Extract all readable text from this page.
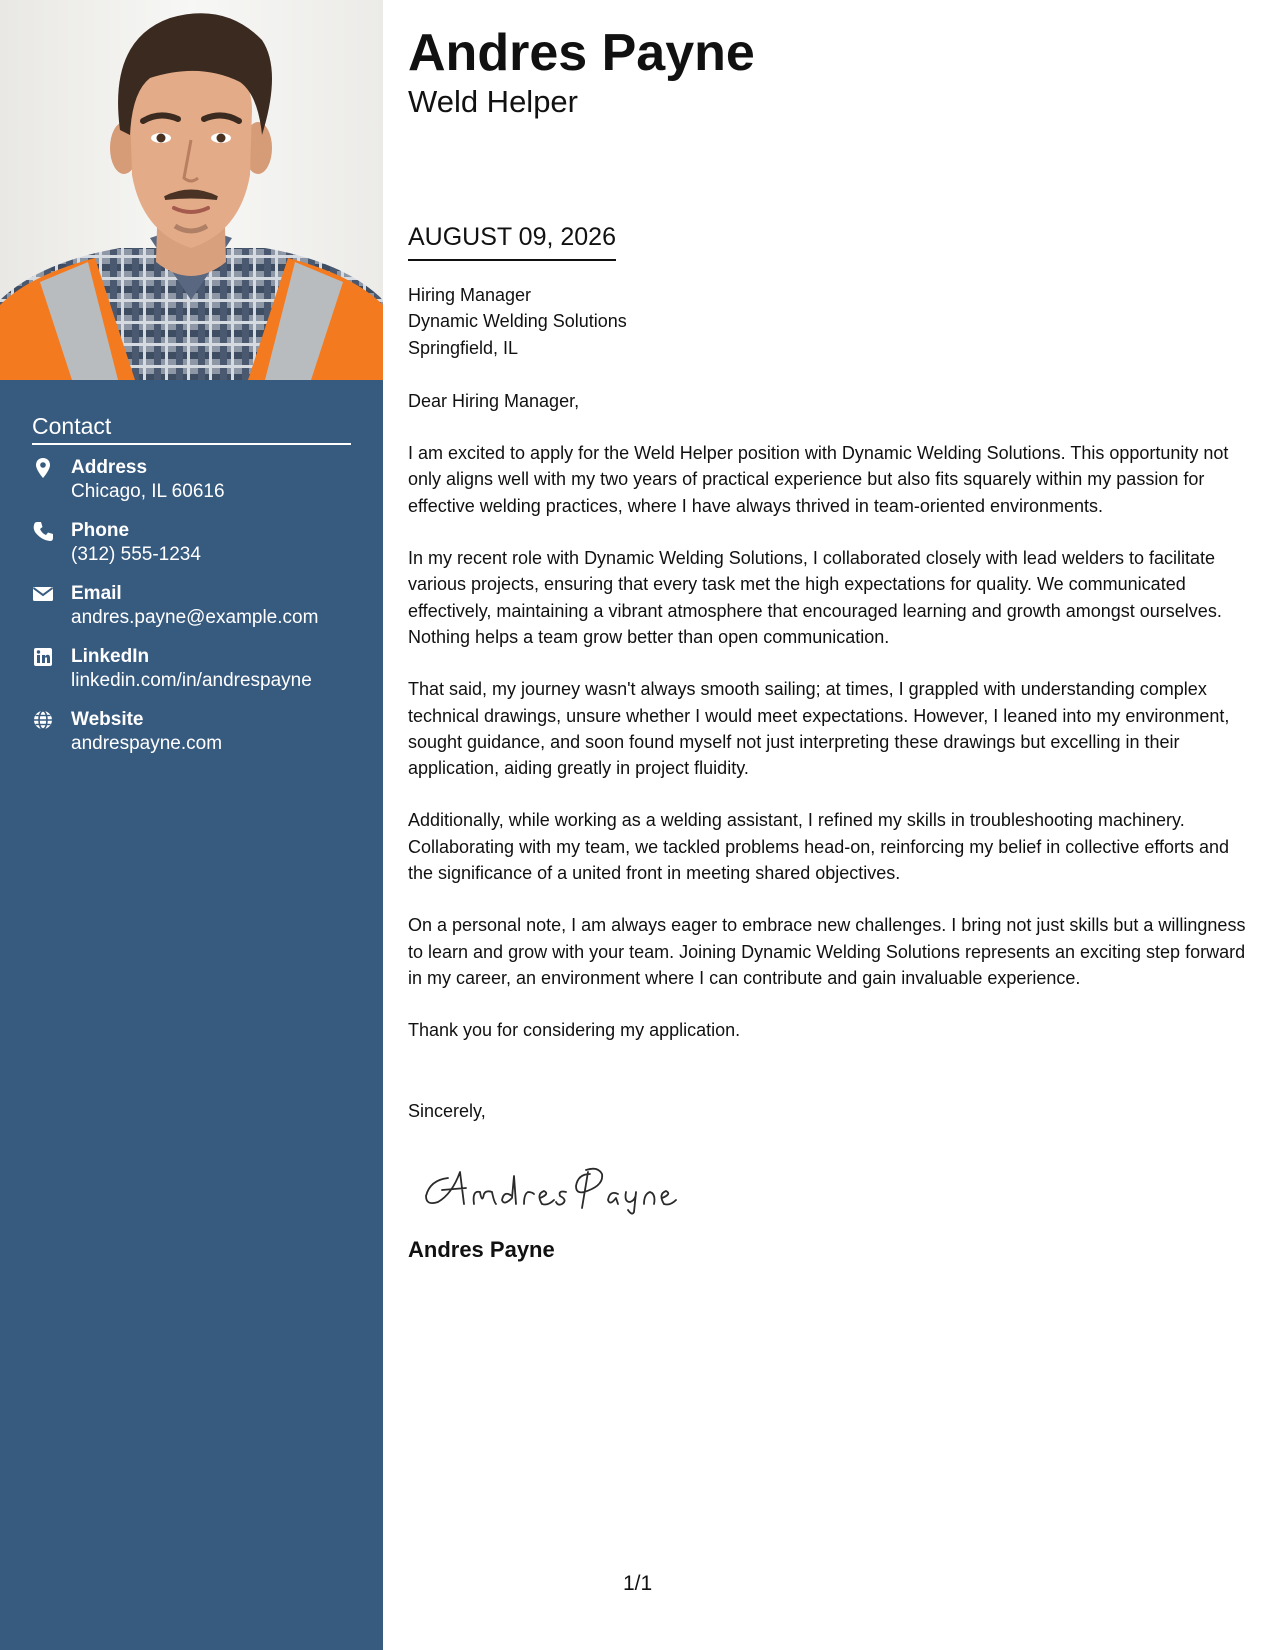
Contact
Address
Chicago, IL 60616
Phone
(312) 555-1234
Email
andres.payne@example.com
LinkedIn
linkedin.com/in/andrespayne
Website
andrespayne.com
Andres Payne
Weld Helper
AUGUST 09, 2026
Hiring Manager
Dynamic Welding Solutions
Springfield, IL
Dear Hiring Manager,
I am excited to apply for the Weld Helper position with Dynamic Welding Solutions. This opportunity not only aligns well with my two years of practical experience but also fits squarely within my passion for effective welding practices, where I have always thrived in team-oriented environments.
In my recent role with Dynamic Welding Solutions, I collaborated closely with lead welders to facilitate various projects, ensuring that every task met the high expectations for quality. We communicated effectively, maintaining a vibrant atmosphere that encouraged learning and growth amongst ourselves. Nothing helps a team grow better than open communication.
That said, my journey wasn't always smooth sailing; at times, I grappled with understanding complex technical drawings, unsure whether I would meet expectations. However, I leaned into my environment, sought guidance, and soon found myself not just interpreting these drawings but excelling in their application, aiding greatly in project fluidity.
Additionally, while working as a welding assistant, I refined my skills in troubleshooting machinery. Collaborating with my team, we tackled problems head-on, reinforcing my belief in collective efforts and the significance of a united front in meeting shared objectives.
On a personal note, I am always eager to embrace new challenges. I bring not just skills but a willingness to learn and grow with your team. Joining Dynamic Welding Solutions represents an exciting step forward in my career, an environment where I can contribute and gain invaluable experience.
Thank you for considering my application.
Sincerely,
Andres Payne
1/1
